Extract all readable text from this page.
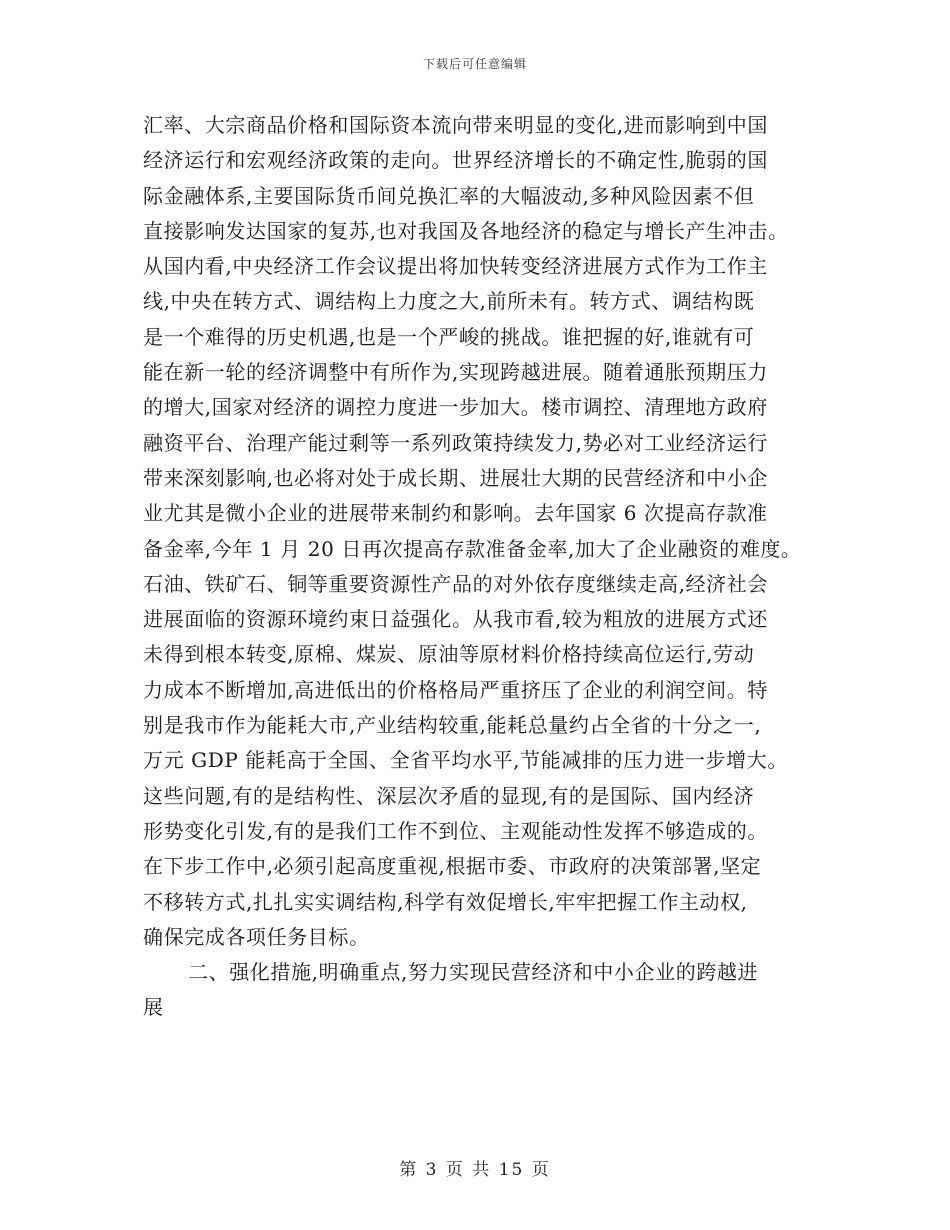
下载后可任意编辑
汇率、大宗商品价格和国际资本流向带来明显的变化,进而影响到中国
经济运行和宏观经济政策的走向。世界经济增长的不确定性,脆弱的国
际金融体系,主要国际货币间兑换汇率的大幅波动,多种风险因素不但
直接影响发达国家的复苏,也对我国及各地经济的稳定与增长产生冲击。
从国内看,中央经济工作会议提出将加快转变经济进展方式作为工作主
线,中央在转方式、调结构上力度之大,前所未有。转方式、调结构既
是一个难得的历史机遇,也是一个严峻的挑战。谁把握的好,谁就有可
能在新一轮的经济调整中有所作为,实现跨越进展。随着通胀预期压力
的增大,国家对经济的调控力度进一步加大。楼市调控、清理地方政府
融资平台、治理产能过剩等一系列政策持续发力,势必对工业经济运行
带来深刻影响,也必将对处于成长期、进展壮大期的民营经济和中小企
业尤其是微小企业的进展带来制约和影响。去年国家 6 次提高存款准
备金率,今年 1 月 20 日再次提高存款准备金率,加大了企业融资的难度。
石油、铁矿石、铜等重要资源性产品的对外依存度继续走高,经济社会
进展面临的资源环境约束日益强化。从我市看,较为粗放的进展方式还
未得到根本转变,原棉、煤炭、原油等原材料价格持续高位运行,劳动
力成本不断增加,高进低出的价格格局严重挤压了企业的利润空间。特
别是我市作为能耗大市,产业结构较重,能耗总量约占全省的十分之一,
万元 GDP 能耗高于全国、全省平均水平,节能减排的压力进一步增大。
这些问题,有的是结构性、深层次矛盾的显现,有的是国际、国内经济
形势变化引发,有的是我们工作不到位、主观能动性发挥不够造成的。
在下步工作中,必须引起高度重视,根据市委、市政府的决策部署,坚定
不移转方式,扎扎实实调结构,科学有效促增长,牢牢把握工作主动权,
确保完成各项任务目标。
二、强化措施,明确重点,努力实现民营经济和中小企业的跨越进
展
第 3 页 共 15 页
